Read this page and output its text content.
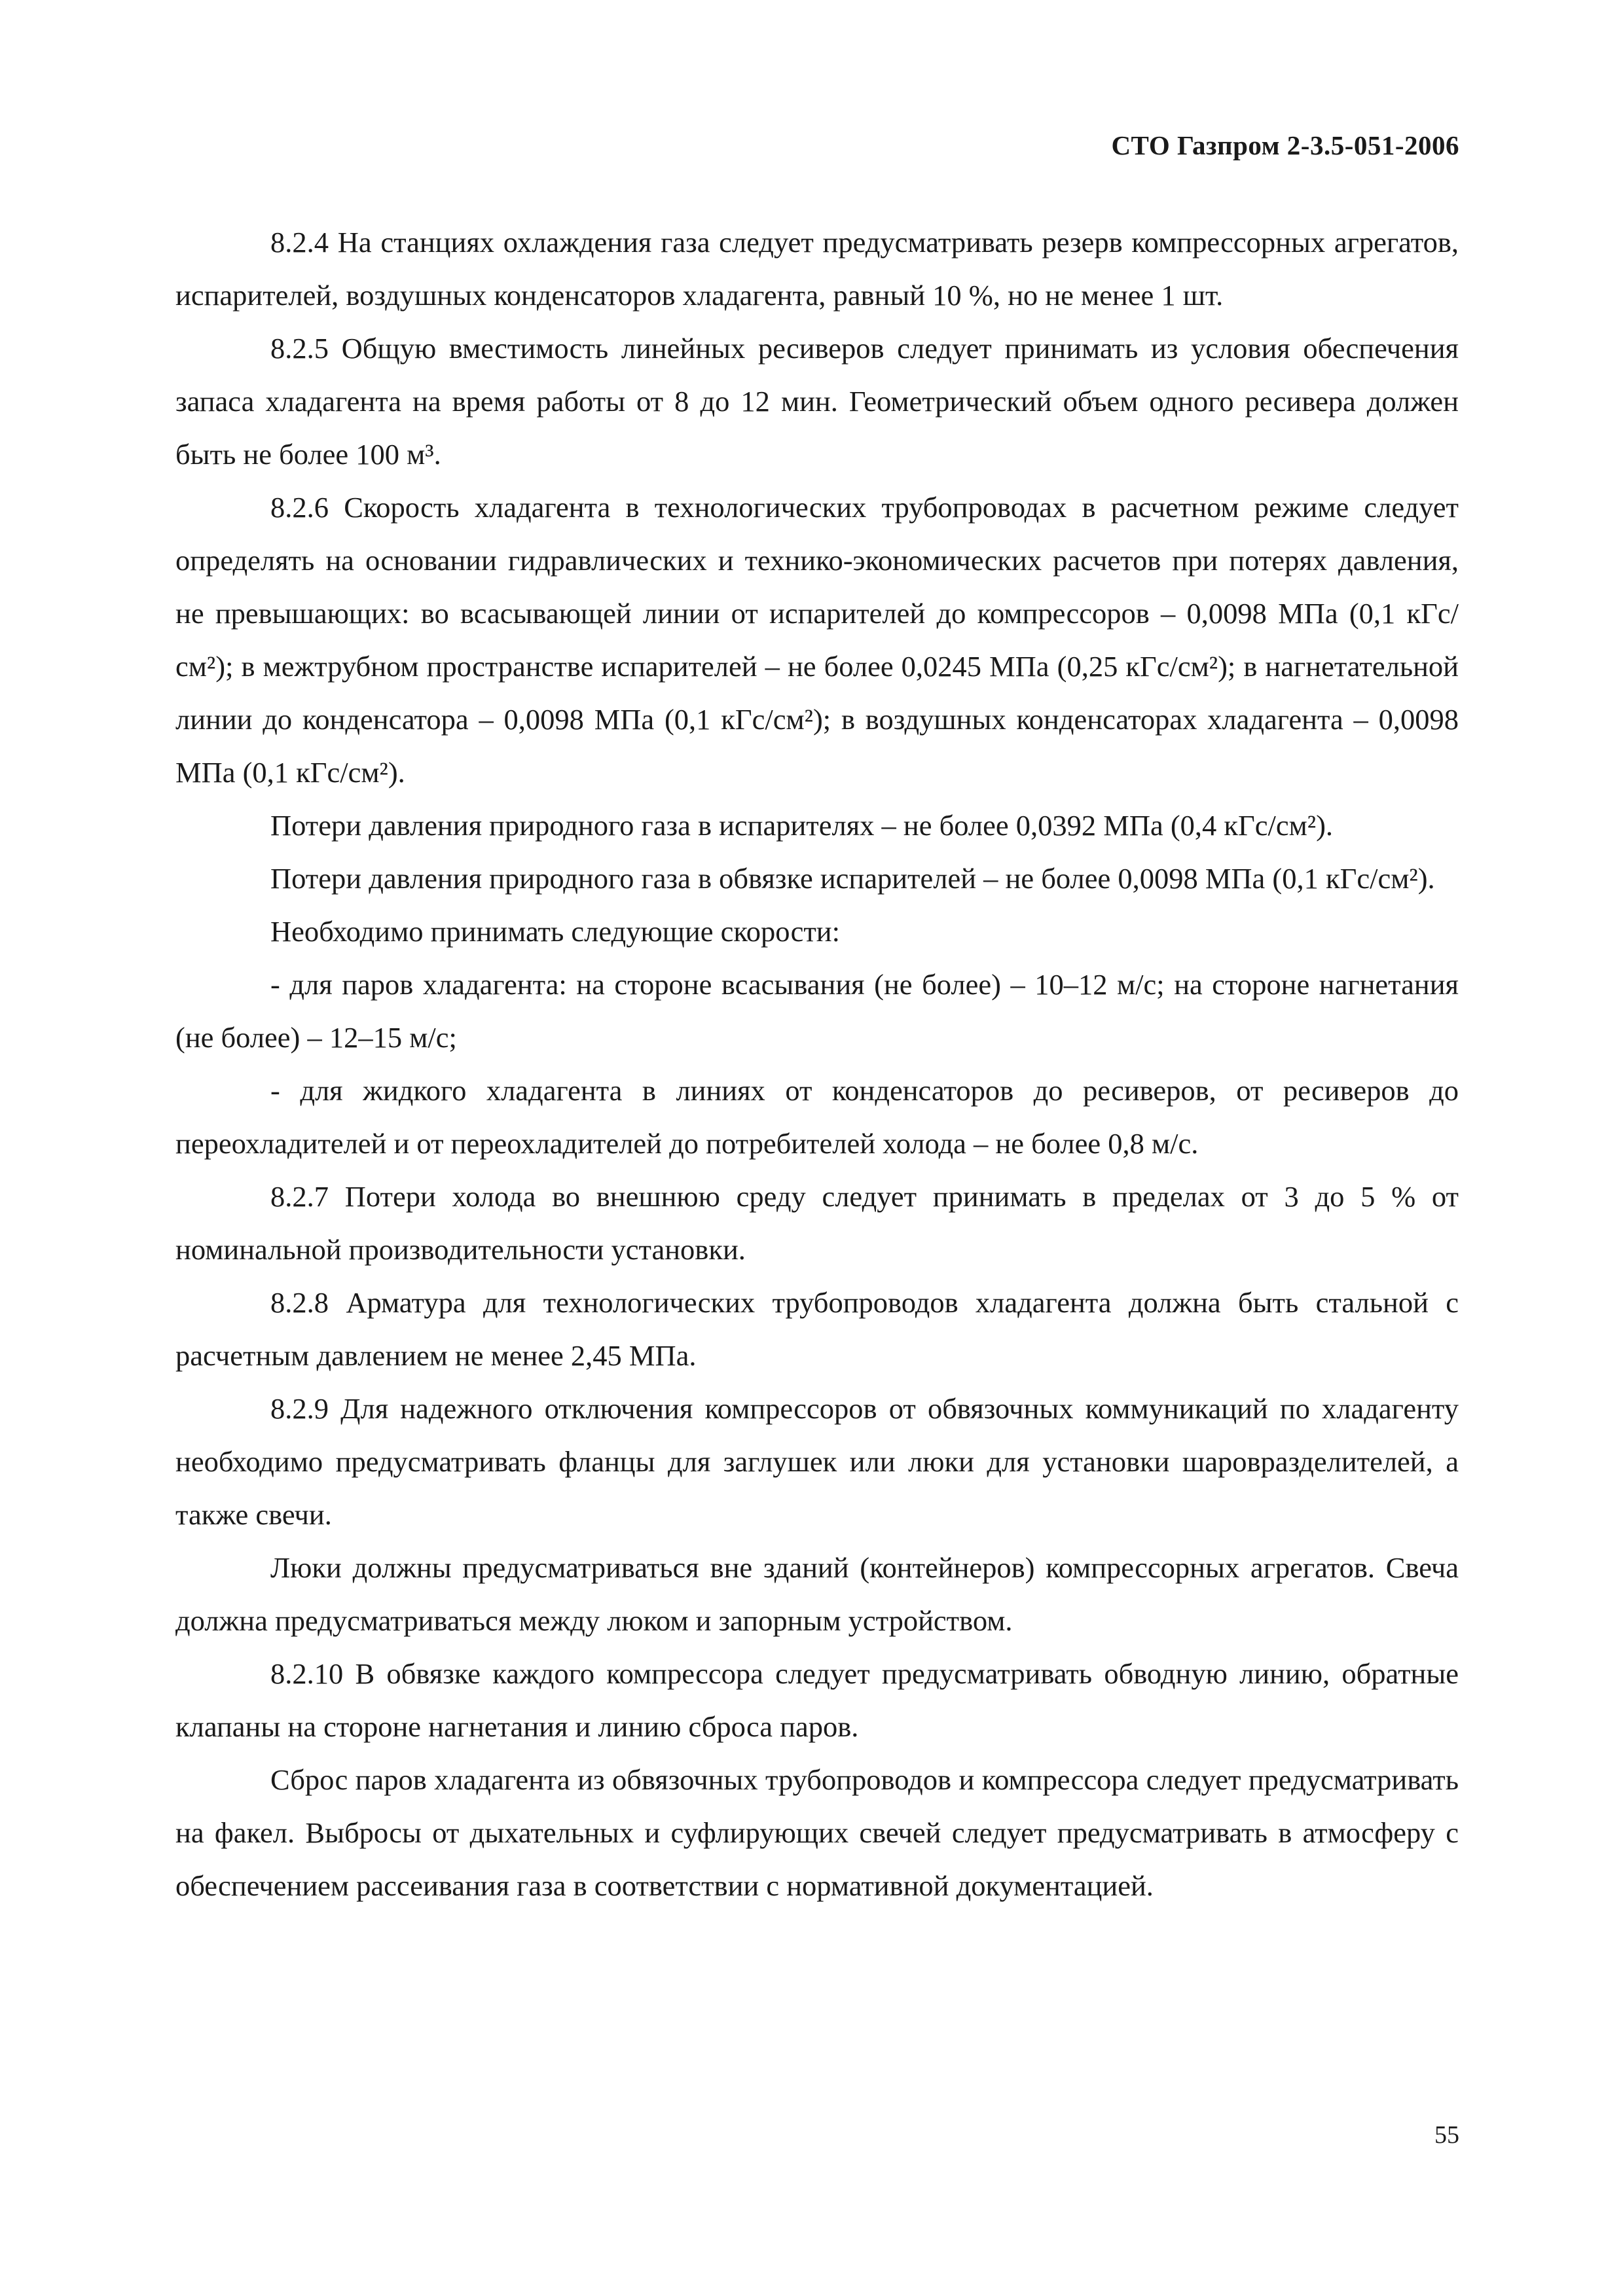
СТО Газпром 2-3.5-051-2006

8.2.4 На станциях охлаждения газа следует предусматривать резерв компрессорных агрегатов, испарителей, воздушных конденсаторов хладагента, равный 10 %, но не менее 1 шт.

8.2.5 Общую вместимость линейных ресиверов следует принимать из условия обеспечения запаса хладагента на время работы от 8 до 12 мин. Геометрический объем одного ресивера должен быть не более 100 м³.

8.2.6 Скорость хладагента в технологических трубопроводах в расчетном режиме следует определять на основании гидравлических и технико-экономических расчетов при потерях давления, не превышающих: во всасывающей линии от испарителей до компрессоров – 0,0098 МПа (0,1 кГс/см²); в межтрубном пространстве испарителей – не более 0,0245 МПа (0,25 кГс/см²); в нагнетательной линии до конденсатора – 0,0098 МПа (0,1 кГс/см²); в воздушных конденсаторах хладагента – 0,0098 МПа (0,1 кГс/см²).

Потери давления природного газа в испарителях – не более 0,0392 МПа (0,4 кГс/см²).

Потери давления природного газа в обвязке испарителей – не более 0,0098 МПа (0,1 кГс/см²).

Необходимо принимать следующие скорости:

- для паров хладагента: на стороне всасывания (не более) – 10–12 м/с; на стороне нагнетания (не более) – 12–15 м/с;

- для жидкого хладагента в линиях от конденсаторов до ресиверов, от ресиверов до переохладителей и от переохладителей до потребителей холода – не более 0,8 м/с.

8.2.7 Потери холода во внешнюю среду следует принимать в пределах от 3 до 5 % от номинальной производительности установки.

8.2.8 Арматура для технологических трубопроводов хладагента должна быть стальной с расчетным давлением не менее 2,45 МПа.

8.2.9 Для надежного отключения компрессоров от обвязочных коммуникаций по хладагенту необходимо предусматривать фланцы для заглушек или люки для установки шаровразделителей, а также свечи.

Люки должны предусматриваться вне зданий (контейнеров) компрессорных агрегатов. Свеча должна предусматриваться между люком и запорным устройством.

8.2.10 В обвязке каждого компрессора следует предусматривать обводную линию, обратные клапаны на стороне нагнетания и линию сброса паров.

Сброс паров хладагента из обвязочных трубопроводов и компрессора следует предусматривать на факел. Выбросы от дыхательных и суфлирующих свечей следует предусматривать в атмосферу с обеспечением рассеивания газа в соответствии с нормативной документацией.

55
